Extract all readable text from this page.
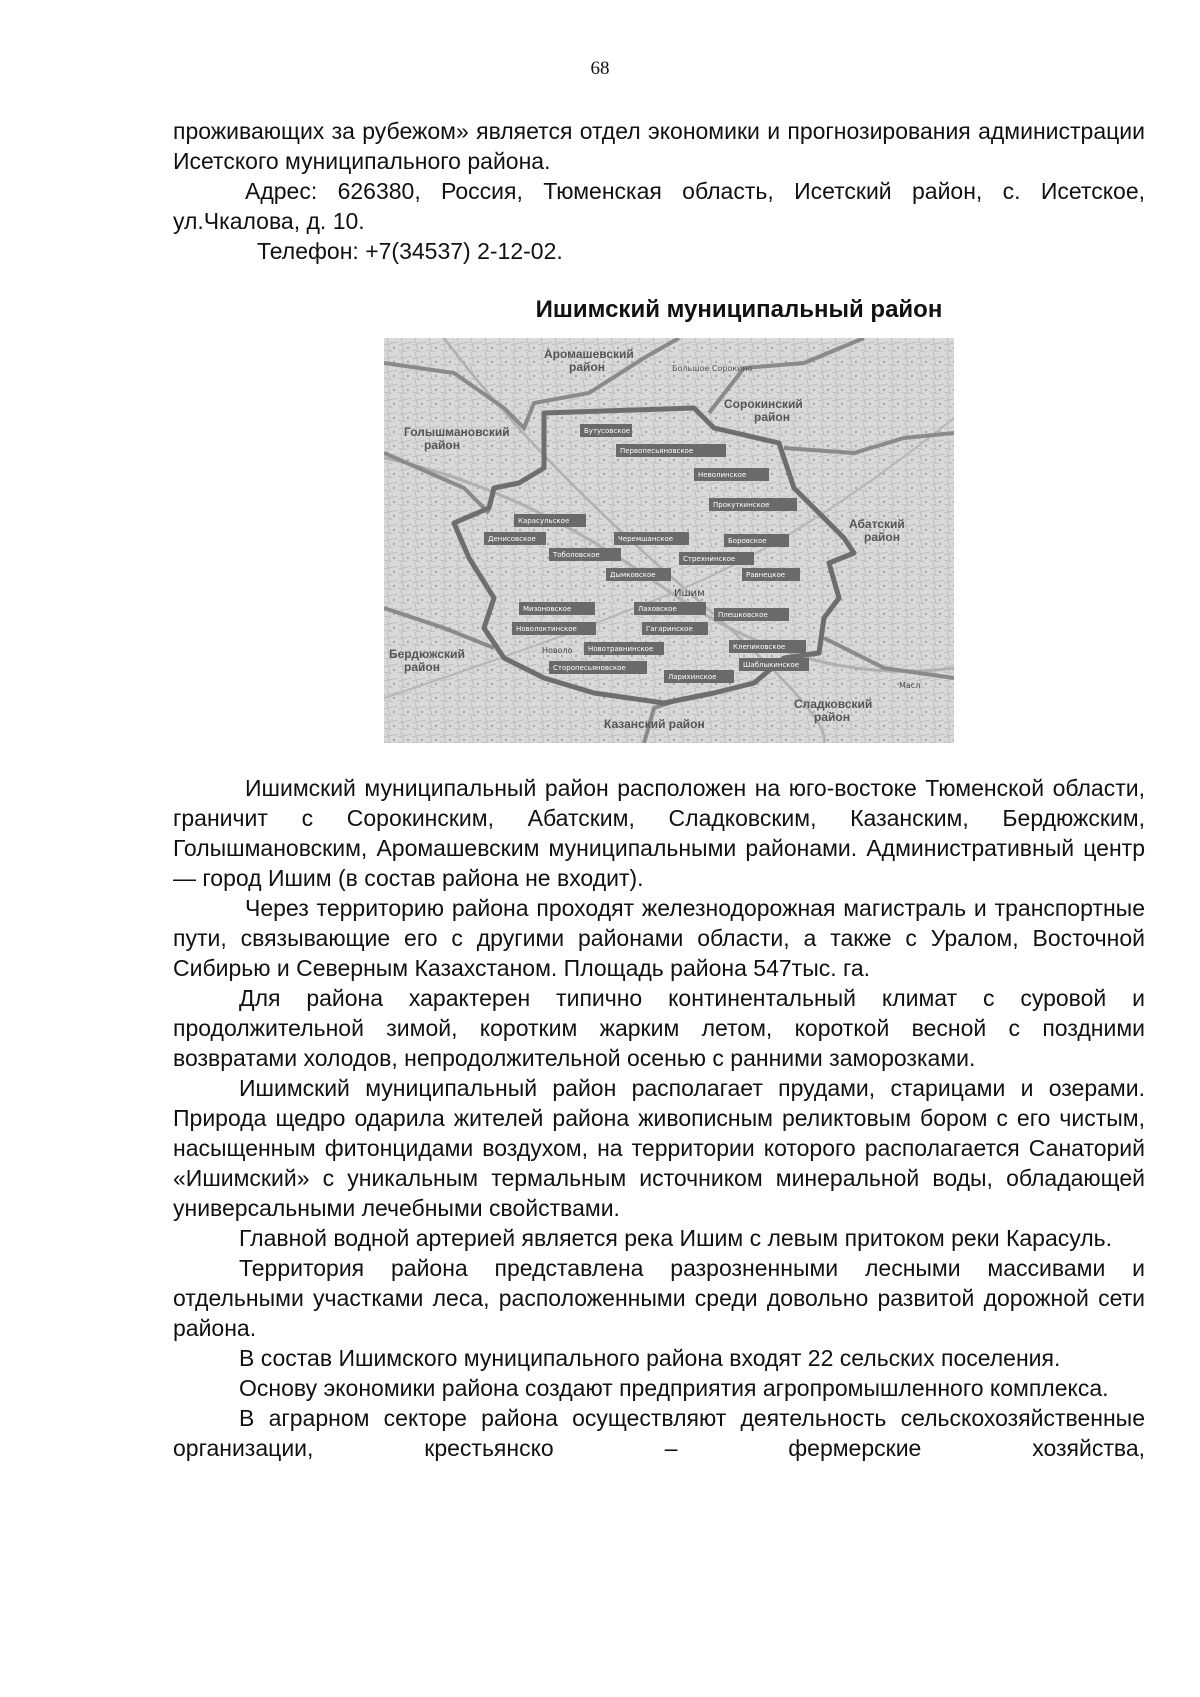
68

проживающих за рубежом» является отдел экономики и прогнозирования администрации Исетского муниципального района.

Адрес: 626380, Россия, Тюменская область, Исетский район, с. Исетское, ул.Чкалова, д. 10.

Телефон: +7(34537) 2-12-02.

Ишимский муниципальный район
Аромашевский
район	Большое Сорокино
Сорокинский
район
Голышмановский
район
Абатский
район
Бердюжский
район
Сладковский
район
Казанский район
Ишим
Новоло
Масл
Бутусовское
Первопесьяновское
Неволинское
Прокуткинское
Карасульское
Черемшанское	Боровское
Дениcовское
Тоболовское	Стрехнинское
Равнецкое
Дымковское
Мизоновское	Лаховское
Плешковское
Новолоктинское	Гагаринское
Новотравнинское	Клепиковское
Шаблыкинское
Сторопесьяновское
Ларихинское

Ишимский муниципальный район расположен на юго-востоке Тюменской области, граничит с Сорокинским, Абатским, Сладковским, Казанским, Бердюжским, Голышмановским, Аромашевским муниципальными районами. Административный центр — город Ишим (в состав района не входит).

Через территорию района проходят железнодорожная магистраль и транспортные пути, связывающие его с другими районами области, а также с Уралом, Восточной Сибирью и Северным Казахстаном. Площадь района 547тыс. га.

Для района характерен типично континентальный климат с суровой и продолжительной зимой, коротким жарким летом, короткой весной с поздними возвратами холодов, непродолжительной осенью с ранними заморозками.

Ишимский муниципальный район располагает прудами, старицами и озерами. Природа щедро одарила жителей района живописным реликтовым бором с его чистым, насыщенным фитонцидами воздухом, на территории которого располагается Санаторий «Ишимский» с уникальным термальным источником минеральной воды, обладающей универсальными лечебными свойствами.

Главной водной артерией является река Ишим с левым притоком реки Карасуль.

Территория района представлена разрозненными лесными массивами и отдельными участками леса, расположенными среди довольно развитой дорожной сети района.

В состав Ишимского муниципального района входят 22 сельских поселения.

Основу экономики района создают предприятия агропромышленного комплекса.

В аграрном секторе района осуществляют деятельность сельскохозяйственные организации, крестьянско – фермерские хозяйства,
